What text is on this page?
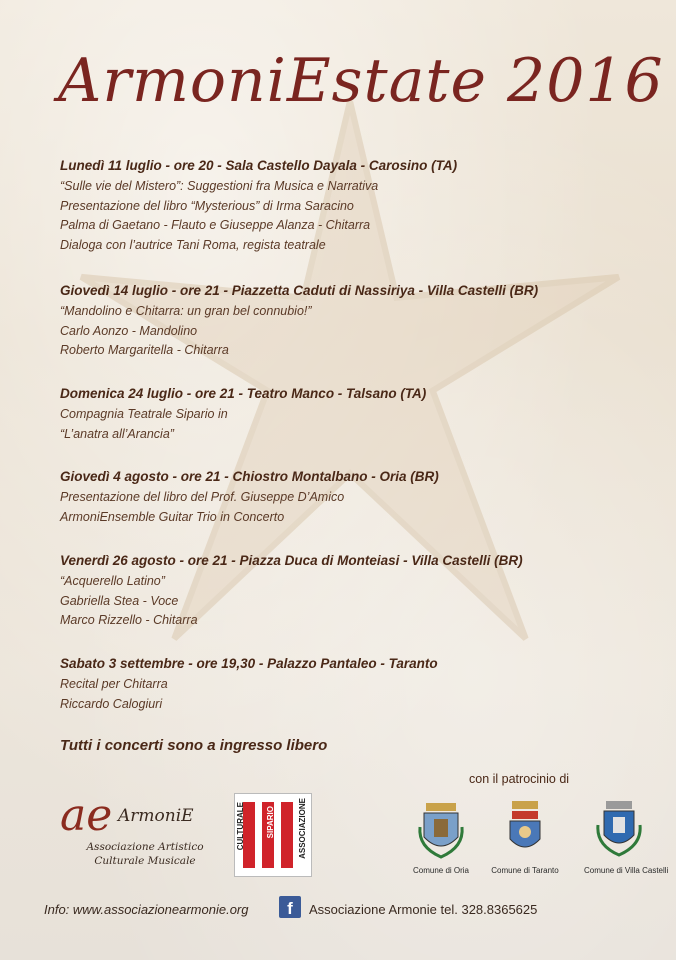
ArmoniEstate 2016
Lunedì 11 luglio - ore 20 - Sala Castello Dayala - Carosino (TA)
“Sulle vie del Mistero”: Suggestioni fra Musica e Narrativa
Presentazione del libro “Mysterious” di Irma Saracino
Palma di Gaetano - Flauto e Giuseppe Alanza - Chitarra
Dialoga con l’autrice Tani Roma, regista teatrale
Giovedì 14 luglio - ore 21 - Piazzetta Caduti di Nassiriya - Villa Castelli (BR)
“Mandolino e Chitarra: un gran bel connubio!”
Carlo Aonzo - Mandolino
Roberto Margaritella - Chitarra
Domenica 24 luglio - ore 21 - Teatro Manco - Talsano (TA)
Compagnia Teatrale Sipario in
“L’anatra all’Arancia”
Giovedì 4 agosto - ore 21 - Chiostro Montalbano - Oria (BR)
Presentazione del libro del Prof. Giuseppe D’Amico
ArmoniEnsemble Guitar Trio in Concerto
Venerdì 26 agosto - ore 21 - Piazza Duca di Monteiasi - Villa Castelli (BR)
“Acquerello Latino”
Gabriella Stea - Voce
Marco Rizzello - Chitarra
Sabato 3 settembre - ore 19,30 - Palazzo Pantaleo - Taranto
Recital per Chitarra
Riccardo Calogiuri
Tutti i concerti sono a ingresso libero
con il patrocinio di
ae ArmoniE
Associazione Artistico
Culturale Musicale
CULTURALE	SIPARIO	ASSOCIAZIONE
Comune di Oria	Comune di Taranto	Comune di Villa Castelli
Info: www.associazionearmonie.org	f	Associazione Armonie tel. 328.8365625
